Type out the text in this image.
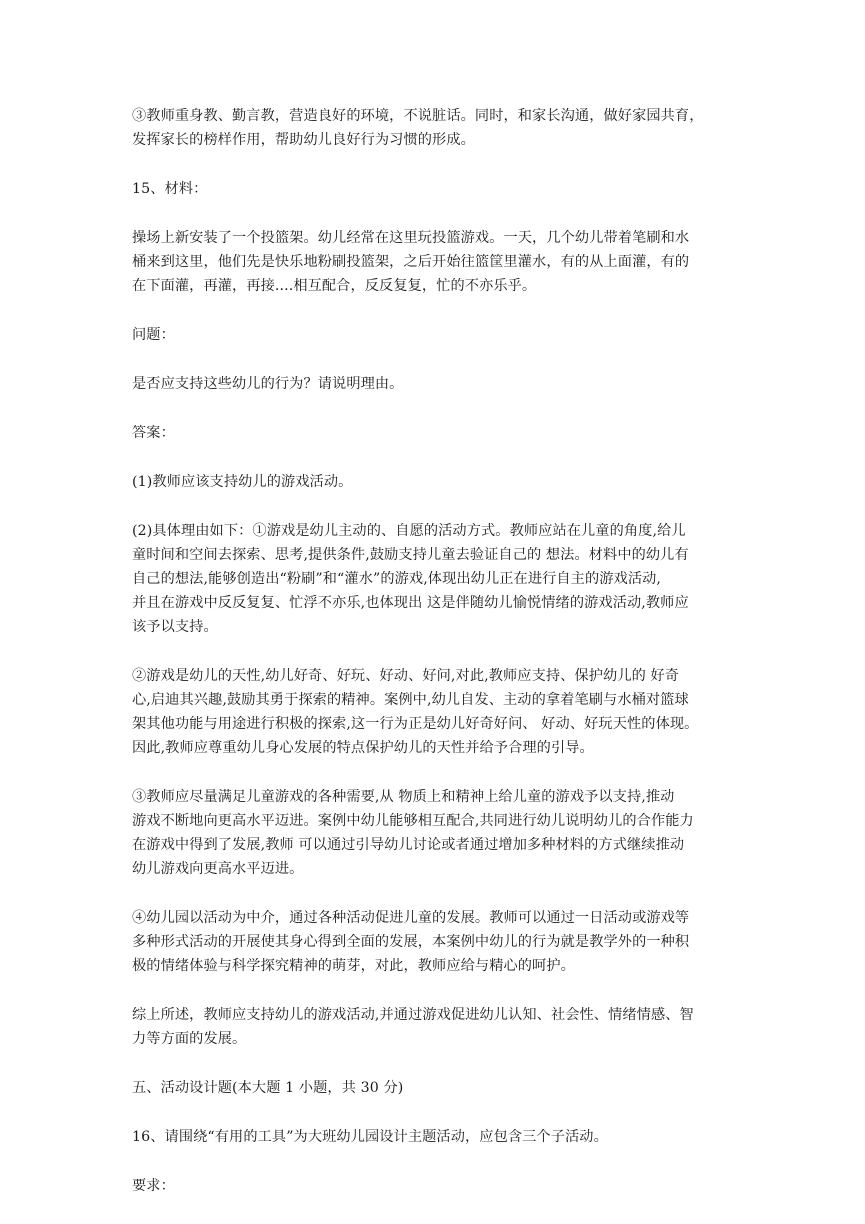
③教师重身教、勤言教，营造良好的环境，不说脏话。同时，和家长沟通，做好家园共育，
发挥家长的榜样作用，帮助幼儿良好行为习惯的形成。

15、材料：

操场上新安装了一个投篮架。幼儿经常在这里玩投篮游戏。一天，几个幼儿带着笔刷和水
桶来到这里，他们先是快乐地粉刷投篮架，之后开始往篮筐里灌水，有的从上面灌，有的
在下面灌，再灌，再接....相互配合，反反复复，忙的不亦乐乎。

问题：

是否应支持这些幼儿的行为？请说明理由。

答案：

(1)教师应该支持幼儿的游戏活动。

(2)具体理由如下：①游戏是幼儿主动的、自愿的活动方式。教师应站在儿童的角度,给儿
童时间和空间去探索、思考,提供条件,鼓励支持儿童去验证自己的 想法。材料中的幼儿有
自己的想法,能够创造出“粉刷”和“灌水”的游戏,体现出幼儿正在进行自主的游戏活动,
并且在游戏中反反复复、忙浮不亦乐,也体现出 这是伴随幼儿愉悦情绪的游戏活动,教师应
该予以支持。

②游戏是幼儿的天性,幼儿好奇、好玩、好动、好问,对此,教师应支持、保护幼儿的 好奇
心,启迪其兴趣,鼓励其勇于探索的精神。案例中,幼儿自发、主动的拿着笔刷与水桶对篮球
架其他功能与用途进行积极的探索,这一行为正是幼儿好奇好问、 好动、好玩天性的体现。
因此,教师应尊重幼儿身心发展的特点保护幼儿的天性并给予合理的引导。

③教师应尽量满足儿童游戏的各种需要,从 物质上和精神上给儿童的游戏予以支持,推动
游戏不断地向更高水平迈进。案例中幼儿能够相互配合,共同进行幼儿说明幼儿的合作能力
在游戏中得到了发展,教师 可以通过引导幼儿讨论或者通过增加多种材料的方式继续推动
幼儿游戏向更高水平迈进。

④幼儿园以活动为中介，通过各种活动促进儿童的发展。教师可以通过一日活动或游戏等
多种形式活动的开展使其身心得到全面的发展，本案例中幼儿的行为就是教学外的一种积
极的情绪体验与科学探究精神的萌芽，对此，教师应给与精心的呵护。

综上所述，教师应支持幼儿的游戏活动,并通过游戏促进幼儿认知、社会性、情绪情感、智
力等方面的发展。

五、活动设计题(本大题 1 小题，共 30 分)

16、请围绕“有用的工具”为大班幼儿园设计主题活动，应包含三个子活动。

要求：
